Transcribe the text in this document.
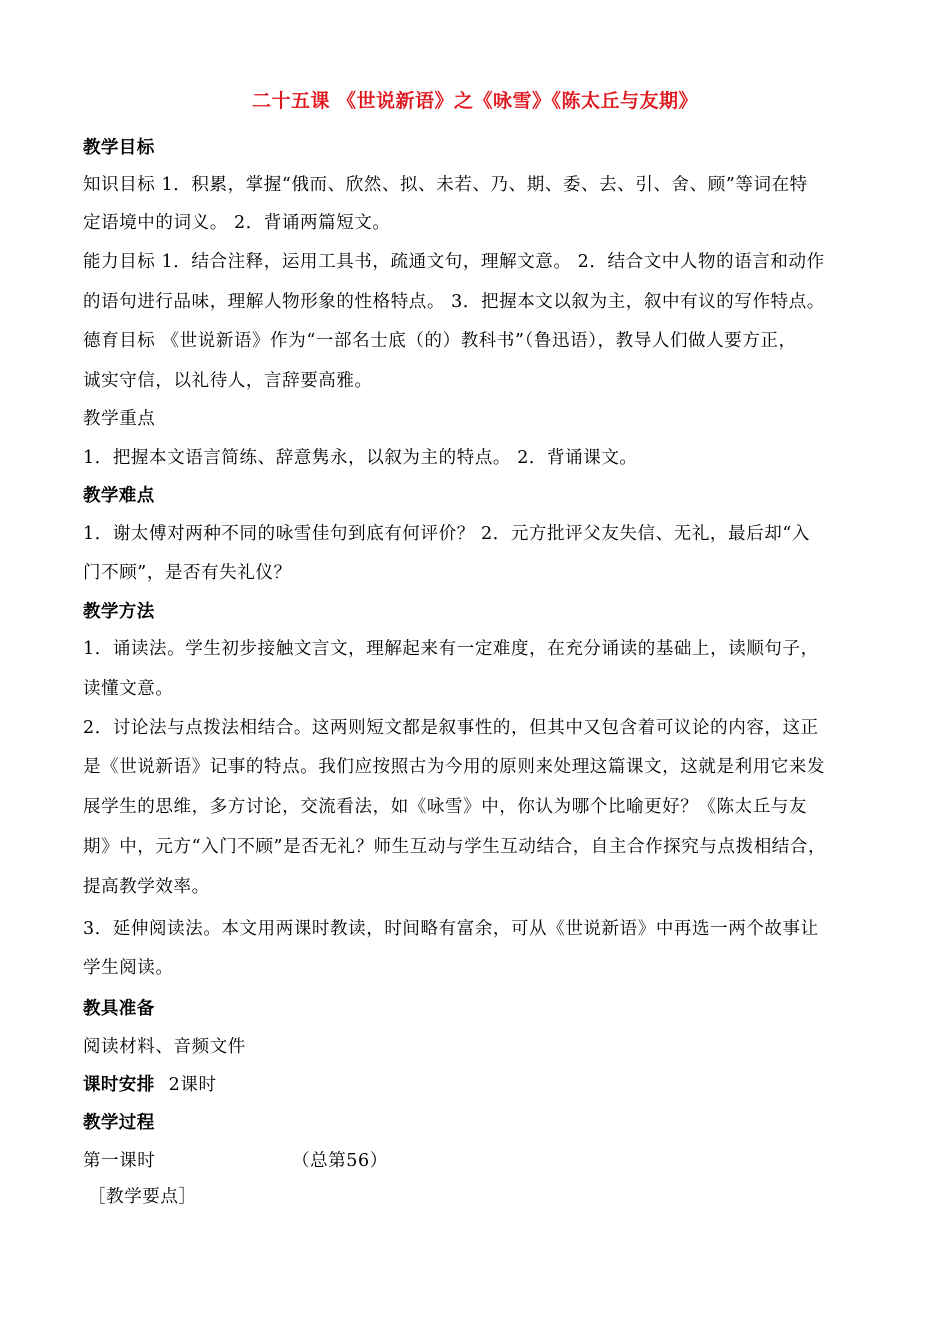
二十五课 《世说新语》之《咏雪》《陈太丘与友期》
教学目标
知识目标 1．积累，掌握“俄而、欣然、拟、未若、乃、期、委、去、引、舍、顾”等词在特
定语境中的词义。 2．背诵两篇短文。
能力目标 1．结合注释，运用工具书，疏通文句，理解文意。 2．结合文中人物的语言和动作
的语句进行品味，理解人物形象的性格特点。 3．把握本文以叙为主，叙中有议的写作特点。
德育目标 《世说新语》作为“一部名士底（的）教科书”（鲁迅语），教导人们做人要方正，
诚实守信，以礼待人，言辞要高雅。
教学重点
1．把握本文语言简练、辞意隽永，以叙为主的特点。 2．背诵课文。
教学难点
1．谢太傅对两种不同的咏雪佳句到底有何评价？ 2．元方批评父友失信、无礼，最后却“入
门不顾”，是否有失礼仪？
教学方法
1．诵读法。学生初步接触文言文，理解起来有一定难度，在充分诵读的基础上，读顺句子，
读懂文意。
2．讨论法与点拨法相结合。这两则短文都是叙事性的，但其中又包含着可议论的内容，这正
是《世说新语》记事的特点。我们应按照古为今用的原则来处理这篇课文，这就是利用它来发
展学生的思维，多方讨论，交流看法，如《咏雪》中，你认为哪个比喻更好？《陈太丘与友
期》中，元方“入门不顾”是否无礼？师生互动与学生互动结合，自主合作探究与点拨相结合，
提高教学效率。
3．延伸阅读法。本文用两课时教读，时间略有富余，可从《世说新语》中再选一两个故事让
学生阅读。
教具准备
阅读材料、音频文件
课时安排 2课时
教学过程
第一课时	（总第56）
［教学要点］
